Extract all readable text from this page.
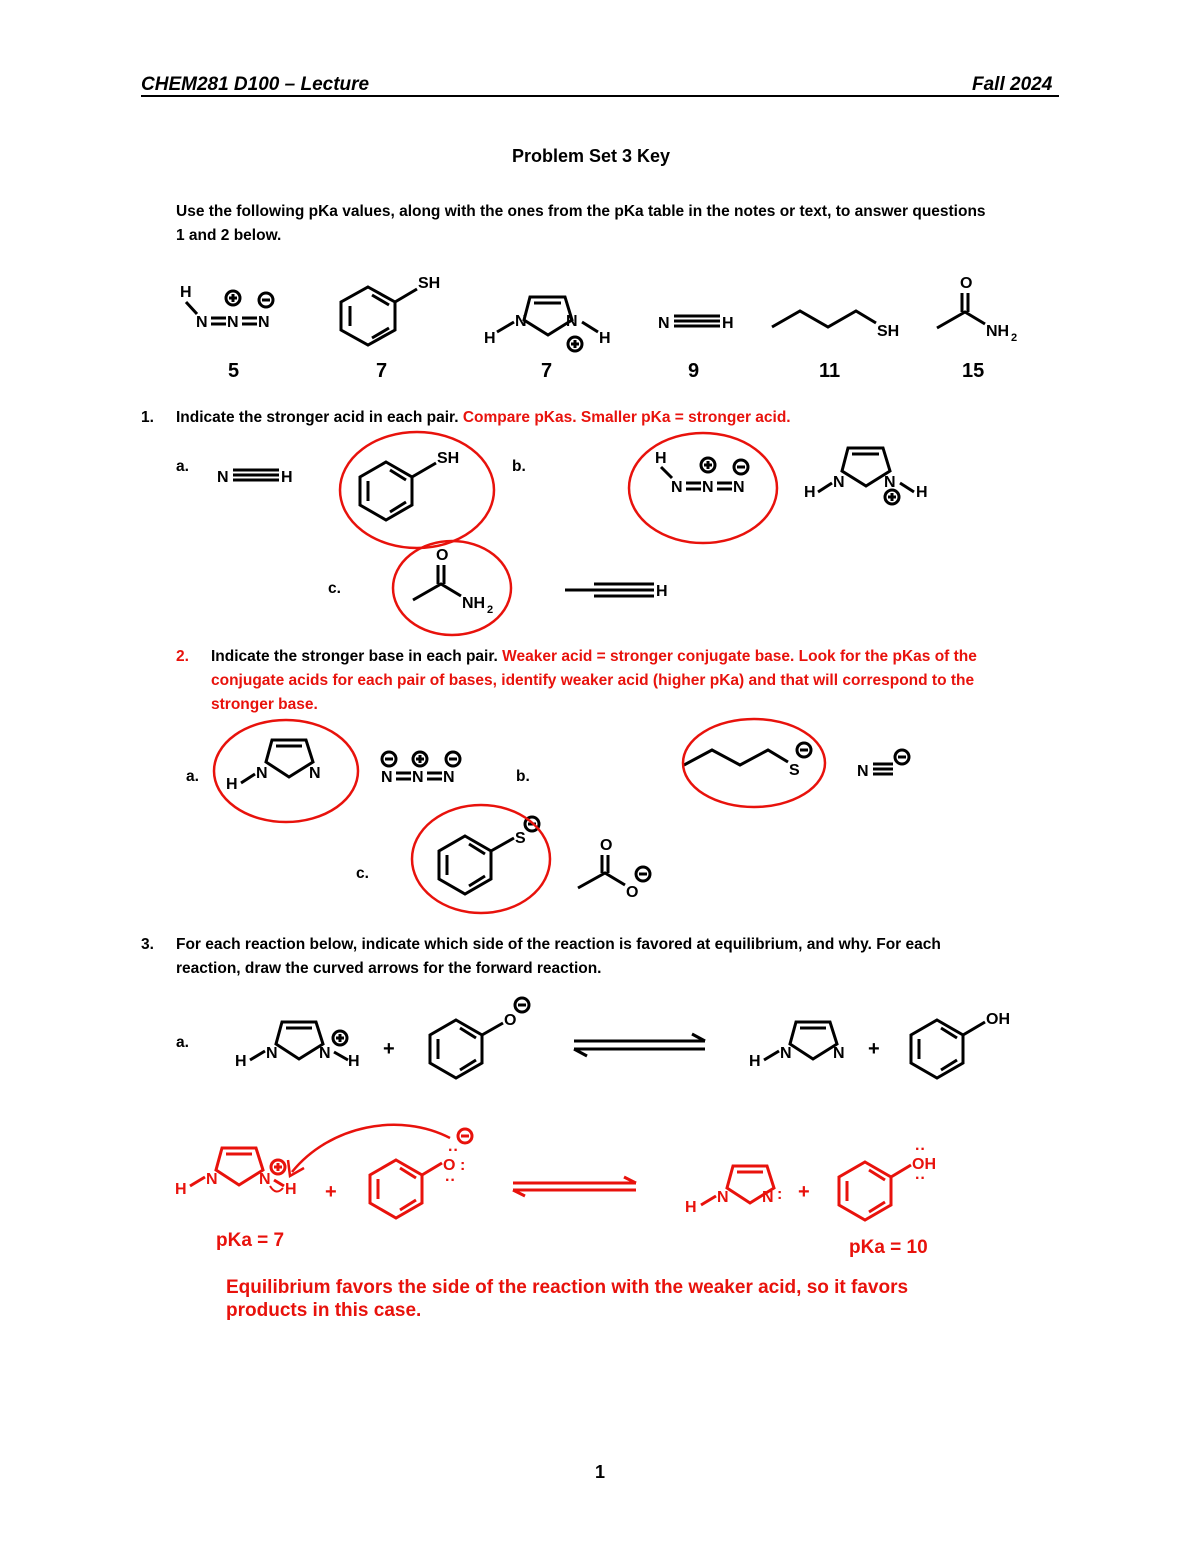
CHEM281 D100 – Lecture	Fall 2024
Problem Set 3 Key
Use the following pKa values, along with the ones from the pKa table in the notes or text, to answer questions
1 and 2 below.
H
N N N
SH
N N
H	H
N	H	SH
O
NH 2
5	7	7	9	11	15
1. Indicate the stronger acid in each pair. Compare pKas. Smaller pKa = stronger acid.
a.	b.
c.
N	H
SH	H
N N N	N N
H	H
O
NH 2
H
2. Indicate the stronger base in each pair. Weaker acid = stronger conjugate base. Look for the pKas of the
conjugate acids for each pair of bases, identify weaker acid (higher pKa) and that will correspond to the
stronger base.
a.	b.
c.
N	N
H	N N N	S	N
S	O
O
3. For each reaction below, indicate which side of the reaction is favored at equilibrium, and why. For each
reaction, draw the curved arrows for the forward reaction.
a.
N	N
H	H
+
O
N	N
H
+
OH
N	N
H	H +
O
··
:
··
N N :
H
+
OH
··
··
pKa = 7	pKa = 10
Equilibrium favors the side of the reaction with the weaker acid, so it favors
products in this case.
1
